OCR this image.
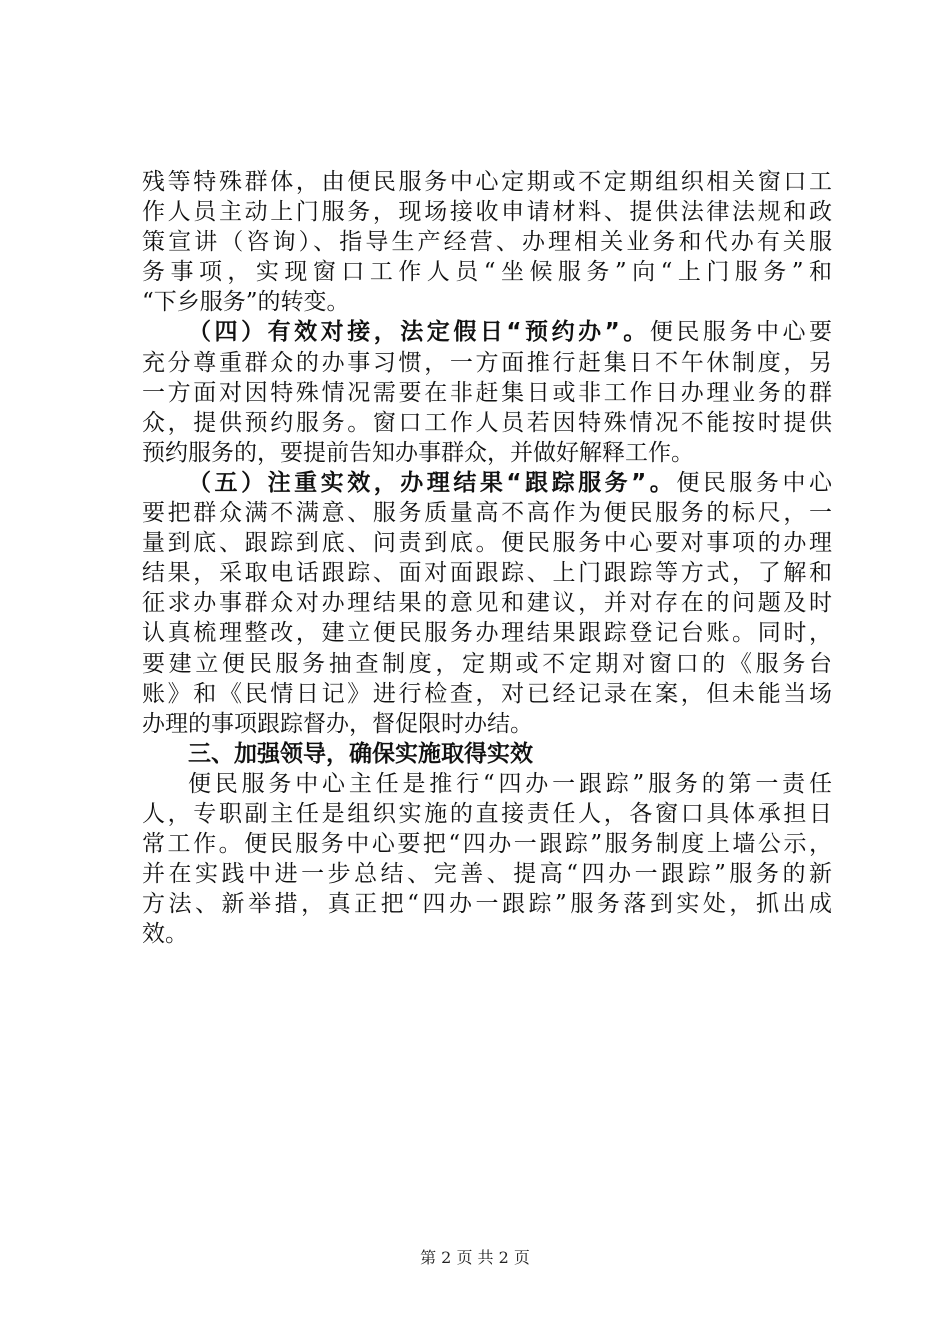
残等特殊群体，由便民服务中心定期或不定期组织相关窗口工
作人员主动上门服务，现场接收申请材料、提供法律法规和政
策宣讲（咨询）、指导生产经营、办理相关业务和代办有关服
务事项，实现窗口工作人员“坐候服务”向“上门服务”和
“下乡服务”的转变。
（四）有效对接，法定假日“预约办”。便民服务中心要
充分尊重群众的办事习惯，一方面推行赶集日不午休制度，另
一方面对因特殊情况需要在非赶集日或非工作日办理业务的群
众，提供预约服务。窗口工作人员若因特殊情况不能按时提供
预约服务的，要提前告知办事群众，并做好解释工作。
（五）注重实效，办理结果“跟踪服务”。便民服务中心
要把群众满不满意、服务质量高不高作为便民服务的标尺，一
量到底、跟踪到底、问责到底。便民服务中心要对事项的办理
结果，采取电话跟踪、面对面跟踪、上门跟踪等方式，了解和
征求办事群众对办理结果的意见和建议，并对存在的问题及时
认真梳理整改，建立便民服务办理结果跟踪登记台账。同时，
要建立便民服务抽查制度，定期或不定期对窗口的《服务台
账》和《民情日记》进行检查，对已经记录在案，但未能当场
办理的事项跟踪督办，督促限时办结。
三、加强领导，确保实施取得实效
便民服务中心主任是推行“四办一跟踪”服务的第一责任
人，专职副主任是组织实施的直接责任人，各窗口具体承担日
常工作。便民服务中心要把“四办一跟踪”服务制度上墙公示，
并在实践中进一步总结、完善、提高“四办一跟踪”服务的新
方法、新举措，真正把“四办一跟踪”服务落到实处，抓出成
效。
第 2 页 共 2 页
